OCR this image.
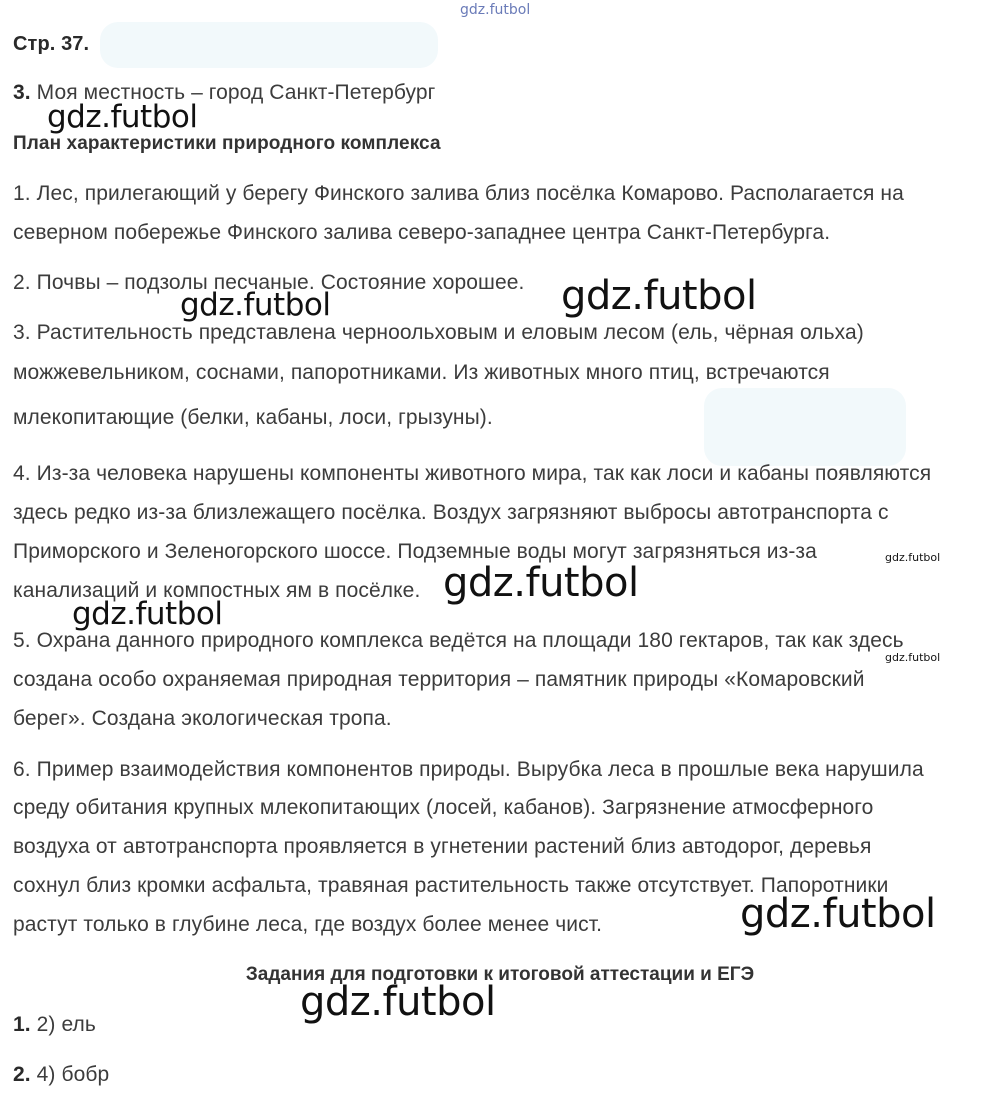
gdz.futbol
Стр. 37.
3. Моя местность – город Санкт-Петербург
План характеристики природного комплекса
1. Лес, прилегающий у берегу Финского залива близ посёлка Комарово. Располагается на
северном побережье Финского залива северо-западнее центра Санкт-Петербурга.
2. Почвы – подзолы песчаные. Состояние хорошее.
3. Растительность представлена черноольховым и еловым лесом (ель, чёрная ольха)
можжевельником, соснами, папоротниками. Из животных много птиц, встречаются
млекопитающие (белки, кабаны, лоси, грызуны).
4. Из-за человека нарушены компоненты животного мира, так как лоси и кабаны появляются
здесь редко из-за близлежащего посёлка. Воздух загрязняют выбросы автотранспорта с
Приморского и Зеленогорского шоссе. Подземные воды могут загрязняться из-за
канализаций и компостных ям в посёлке.
5. Охрана данного природного комплекса ведётся на площади 180 гектаров, так как здесь
создана особо охраняемая природная территория – памятник природы «Комаровский
берег». Создана экологическая тропа.
6. Пример взаимодействия компонентов природы. Вырубка леса в прошлые века нарушила
среду обитания крупных млекопитающих (лосей, кабанов). Загрязнение атмосферного
воздуха от автотранспорта проявляется в угнетении растений близ автодорог, деревья
сохнул близ кромки асфальта, травяная растительность также отсутствует. Папоротники
растут только в глубине леса, где воздух более менее чист.
Задания для подготовки к итоговой аттестации и ЕГЭ
1. 2) ель
2. 4) бобр
gdz.futbol
gdz.futbol	gdz.futbol
gdz.futbol
gdz.futbol
gdz.futbol
gdz.futbol
gdz.futbol
gdz.futbol
